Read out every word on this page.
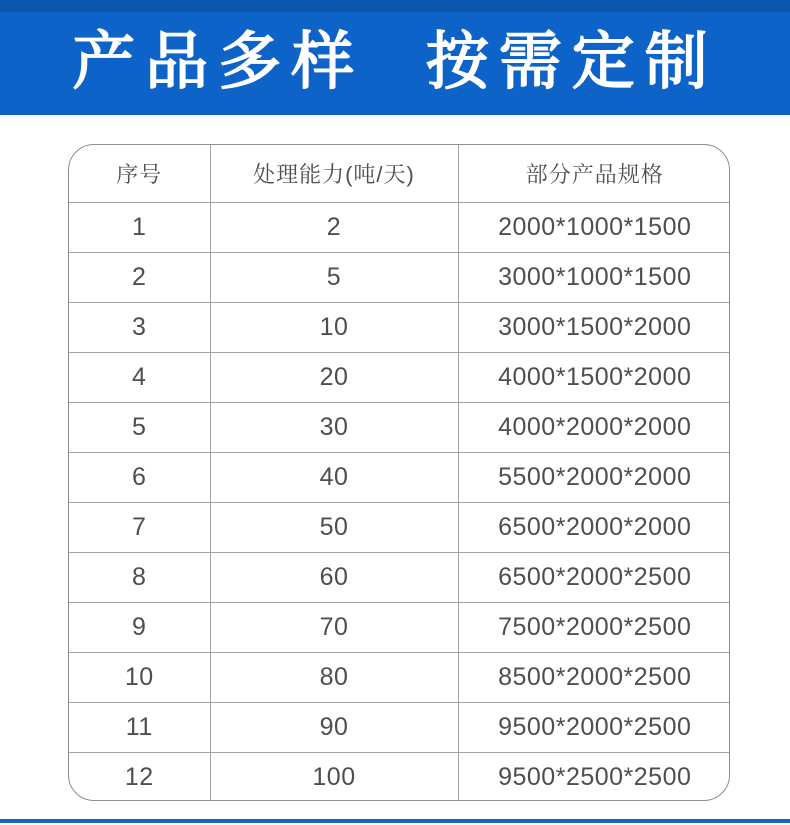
产品多样 按需定制
序号	处理能力(吨/天)	部分产品规格
1	2	2000*1000*1500
2	5	3000*1000*1500
3	10	3000*1500*2000
4	20	4000*1500*2000
5	30	4000*2000*2000
6	40	5500*2000*2000
7	50	6500*2000*2000
8	60	6500*2000*2500
9	70	7500*2000*2500
10	80	8500*2000*2500
11	90	9500*2000*2500
12	100	9500*2500*2500
